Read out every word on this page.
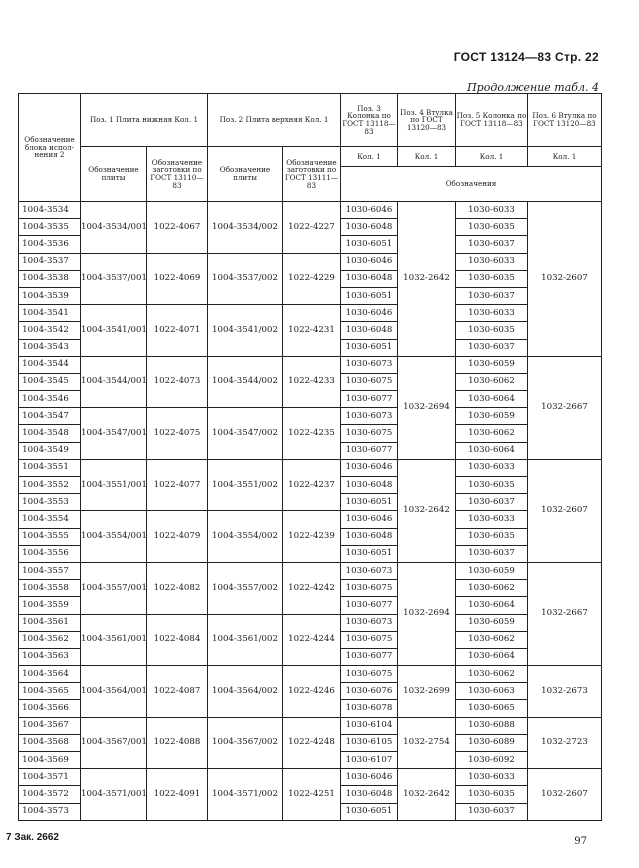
ГОСТ 13124—83 Стр. 22
Продолжение табл. 4
Обозначение блока испол-нения 2	Поз. 1 Плита нижняя Кол. 1		Поз. 2 Плита верхняя Кол. 1		Поз. 3 Колонка по ГОСТ 13118—83	Поз. 4 Втулка по ГОСТ 13120—83	Поз. 5 Колонка по ГОСТ 13118—83	Поз. 6 Втулка по ГОСТ 13120—83
	Обозначение плиты	Обозначение заготовки по ГОСТ 13110—83	Обозначение плиты	Обозначение заготовки по ГОСТ 13111—83	Кол. 1	Кол. 1	Кол. 1	Кол. 1
					Обозначения			
1004-3534	1004-3534/001	1022-4067	1004-3534/002	1022-4227	1030-6046	1032-2642	1030-6033	1032-2607
1004-3535					1030-6048		1030-6035	
1004-3536					1030-6051		1030-6037	
1004-3537	1004-3537/001	1022-4069	1004-3537/002	1022-4229	1030-6046		1030-6033	
1004-3538					1030-6048		1030-6035	
1004-3539					1030-6051		1030-6037	
1004-3541	1004-3541/001	1022-4071	1004-3541/002	1022-4231	1030-6046		1030-6033	
1004-3542					1030-6048		1030-6035	
1004-3543					1030-6051		1030-6037	
1004-3544	1004-3544/001	1022-4073	1004-3544/002	1022-4233	1030-6073	1032-2694	1030-6059	1032-2667
1004-3545					1030-6075		1030-6062	
1004-3546					1030-6077		1030-6064	
1004-3547	1004-3547/001	1022-4075	1004-3547/002	1022-4235	1030-6073		1030-6059	
1004-3548					1030-6075		1030-6062	
1004-3549					1030-6077		1030-6064	
1004-3551	1004-3551/001	1022-4077	1004-3551/002	1022-4237	1030-6046	1032-2642	1030-6033	1032-2607
1004-3552					1030-6048		1030-6035	
1004-3553					1030-6051		1030-6037	
1004-3554	1004-3554/001	1022-4079	1004-3554/002	1022-4239	1030-6046		1030-6033	
1004-3555					1030-6048		1030-6035	
1004-3556					1030-6051		1030-6037	
1004-3557	1004-3557/001	1022-4082	1004-3557/002	1022-4242	1030-6073	1032-2694	1030-6059	1032-2667
1004-3558					1030-6075		1030-6062	
1004-3559					1030-6077		1030-6064	
1004-3561	1004-3561/001	1022-4084	1004-3561/002	1022-4244	1030-6073		1030-6059	
1004-3562					1030-6075		1030-6062	
1004-3563					1030-6077		1030-6064	
1004-3564	1004-3564/001	1022-4087	1004-3564/002	1022-4246	1030-6075	1032-2699	1030-6062	1032-2673
1004-3565					1030-6076		1030-6063	
1004-3566					1030-6078		1030-6065	
1004-3567	1004-3567/001	1022-4088	1004-3567/002	1022-4248	1030-6104	1032-2754	1030-6088	1032-2723
1004-3568					1030-6105		1030-6089	
1004-3569					1030-6107		1030-6092	
1004-3571	1004-3571/001	1022-4091	1004-3571/002	1022-4251	1030-6046	1032-2642	1030-6033	1032-2607
1004-3572					1030-6048		1030-6035	
1004-3573					1030-6051		1030-6037	
7 Зак. 2662	97
